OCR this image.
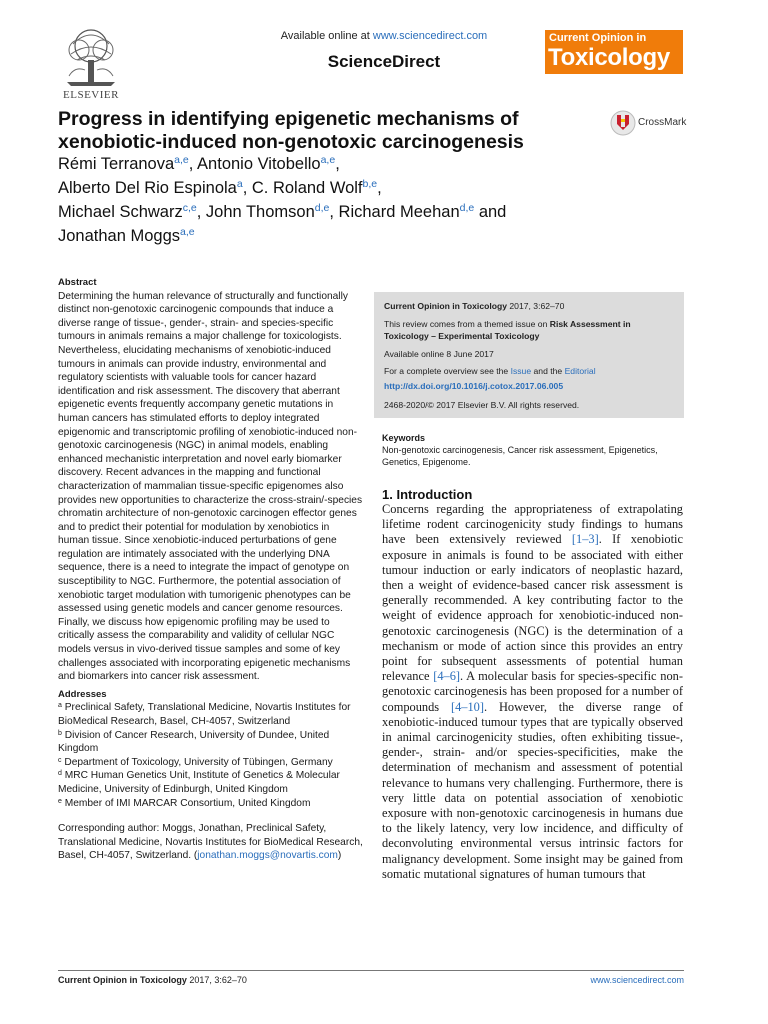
ELSEVIER
Available online at www.sciencedirect.com
ScienceDirect
Current Opinion in
Toxicology
Progress in identifying epigenetic mechanisms of xenobiotic-induced non-genotoxic carcinogenesis
CrossMark
Rémi Terranova$^{a,e}$, Antonio Vitobello$^{a,e}$,
Alberto Del Rio Espinola$^a$, C. Roland Wolf$^{b,e}$,
Michael Schwarz$^{c,e}$, John Thomson$^{d,e}$, Richard Meehan$^{d,e}$ and
Jonathan Moggs$^{a,e}$
Abstract

Determining the human relevance of structurally and functionally distinct non-genotoxic carcinogenic compounds that induce a diverse range of tissue-, gender-, strain- and species-specific tumours in animals remains a major challenge for toxicologists. Nevertheless, elucidating mechanisms of xenobiotic-induced tumours in animals can provide industry, environmental and regulatory scientists with valuable tools for cancer hazard identification and risk assessment. The discovery that aberrant epigenetic events frequently accompany genetic mutations in human cancers has stimulated efforts to deploy integrated epigenomic and transcriptomic profiling of xenobiotic-induced non-genotoxic carcinogenesis (NGC) in animal models, enabling enhanced mechanistic interpretation and novel early biomarker discovery. Recent advances in the mapping and functional characterization of mammalian tissue-specific epigenomes also provides new opportunities to characterize the cross-strain/-species chromatin architecture of non-genotoxic carcinogen effector genes and to predict their potential for modulation by xenobiotics in human tissue. Since xenobiotic-induced perturbations of gene regulation are intimately associated with the underlying DNA sequence, there is a need to integrate the impact of genotype on susceptibility to NGC. Furthermore, the potential association of xenobiotic target modulation with tumorigenic phenotypes can be assessed using genetic models and cancer genome resources. Finally, we discuss how epigenomic profiling may be used to critically assess the comparability and validity of cellular NGC models versus in vivo-derived tissue samples and some of key challenges associated with incorporating epigenetic mechanisms and biomarkers into cancer risk assessment.

Addresses

$^a$ Preclinical Safety, Translational Medicine, Novartis Institutes for BioMedical Research, Basel, CH-4057, Switzerland

$^b$ Division of Cancer Research, University of Dundee, United Kingdom

$^c$ Department of Toxicology, University of Tübingen, Germany

$^d$ MRC Human Genetics Unit, Institute of Genetics & Molecular Medicine, University of Edinburgh, United Kingdom

$^e$ Member of IMI MARCAR Consortium, United Kingdom

Corresponding author: Moggs, Jonathan, Preclinical Safety, Translational Medicine, Novartis Institutes for BioMedical Research, Basel, CH-4057, Switzerland. (jonathan.moggs@novartis.com)
Current Opinion in Toxicology 2017, 3:62–70
This review comes from a themed issue on Risk Assessment in Toxicology – Experimental Toxicology
Available online 8 June 2017
For a complete overview see the Issue and the Editorial
http://dx.doi.org/10.1016/j.cotox.2017.06.005
2468-2020/© 2017 Elsevier B.V. All rights reserved.
Keywords
Non-genotoxic carcinogenesis, Cancer risk assessment, Epigenetics, Genetics, Epigenome.
1. Introduction

Concerns regarding the appropriateness of extrapolating lifetime rodent carcinogenicity study findings to humans have been extensively reviewed [1–3]. If xenobiotic exposure in animals is found to be associated with either tumour induction or early indicators of neoplastic hazard, then a weight of evidence-based cancer risk assessment is generally recommended. A key contributing factor to the weight of evidence approach for xenobiotic-induced non-genotoxic carcinogenesis (NGC) is the determination of a mechanism or mode of action since this provides an entry point for subsequent assessments of potential human relevance [4–6]. A molecular basis for species-specific non-genotoxic carcinogenesis has been proposed for a number of compounds [4–10]. However, the diverse range of xenobiotic-induced tumour types that are typically observed in animal carcinogenicity studies, often exhibiting tissue-, gender-, strain- and/or species-specificities, make the determination of mechanism and assessment of potential relevance to humans very challenging. Furthermore, there is very little data on potential association of xenobiotic exposure with non-genotoxic carcinogenesis in humans due to the likely latency, very low incidence, and difficulty of deconvoluting environmental versus intrinsic factors for malignancy development. Some insight may be gained from somatic mutational signatures of human tumours that

Current Opinion in Toxicology 2017, 3:62–70	www.sciencedirect.com
